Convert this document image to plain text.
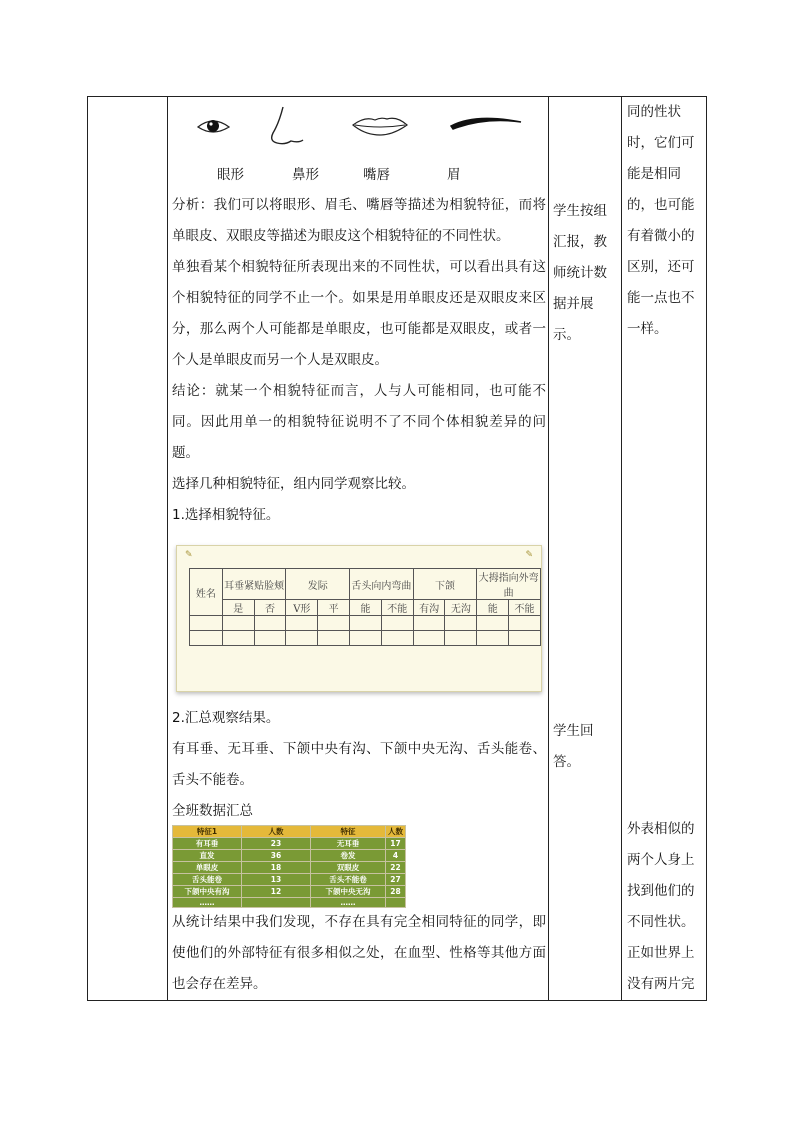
眼形	鼻形	嘴唇	眉

分析：我们可以将眼形、眉毛、嘴唇等描述为相貌特征，而将单眼皮、双眼皮等描述为眼皮这个相貌特征的不同性状。

单独看某个相貌特征所表现出来的不同性状，可以看出具有这个相貌特征的同学不止一个。如果是用单眼皮还是双眼皮来区分，那么两个人可能都是单眼皮，也可能都是双眼皮，或者一个人是单眼皮而另一个人是双眼皮。

结论：就某一个相貌特征而言，人与人可能相同，也可能不同。因此用单一的相貌特征说明不了不同个体相貌差异的问题。

选择几种相貌特征，组内同学观察比较。

1.选择相貌特征。

✎	✎
姓名	耳垂紧贴脸颊		发际		舌头向内弯曲		下颌		大拇指向外弯曲	
	是	否	V形	平	能	不能	有沟	无沟	能	不能

2.汇总观察结果。

有耳垂、无耳垂、下颌中央有沟、下颌中央无沟、舌头能卷、舌头不能卷。

全班数据汇总

特征1	人数	特征	人数
有耳垂	23	无耳垂	17
直发	36	卷发	4
单眼皮	18	双眼皮	22
舌头能卷	13	舌头不能卷	27
下颌中央有沟	12	下颌中央无沟	28
……		……	

从统计结果中我们发现，不存在具有完全相同特征的同学，即使他们的外部特征有很多相似之处，在血型、性格等其他方面也会存在差异。

学生按组汇报，教师统计数据并展示。
学生回答。
同的性状时，它们可能是相同的，也可能有着微小的区别，还可能一点也不一样。
外表相似的两个人身上找到他们的不同性状。正如世界上没有两片完
